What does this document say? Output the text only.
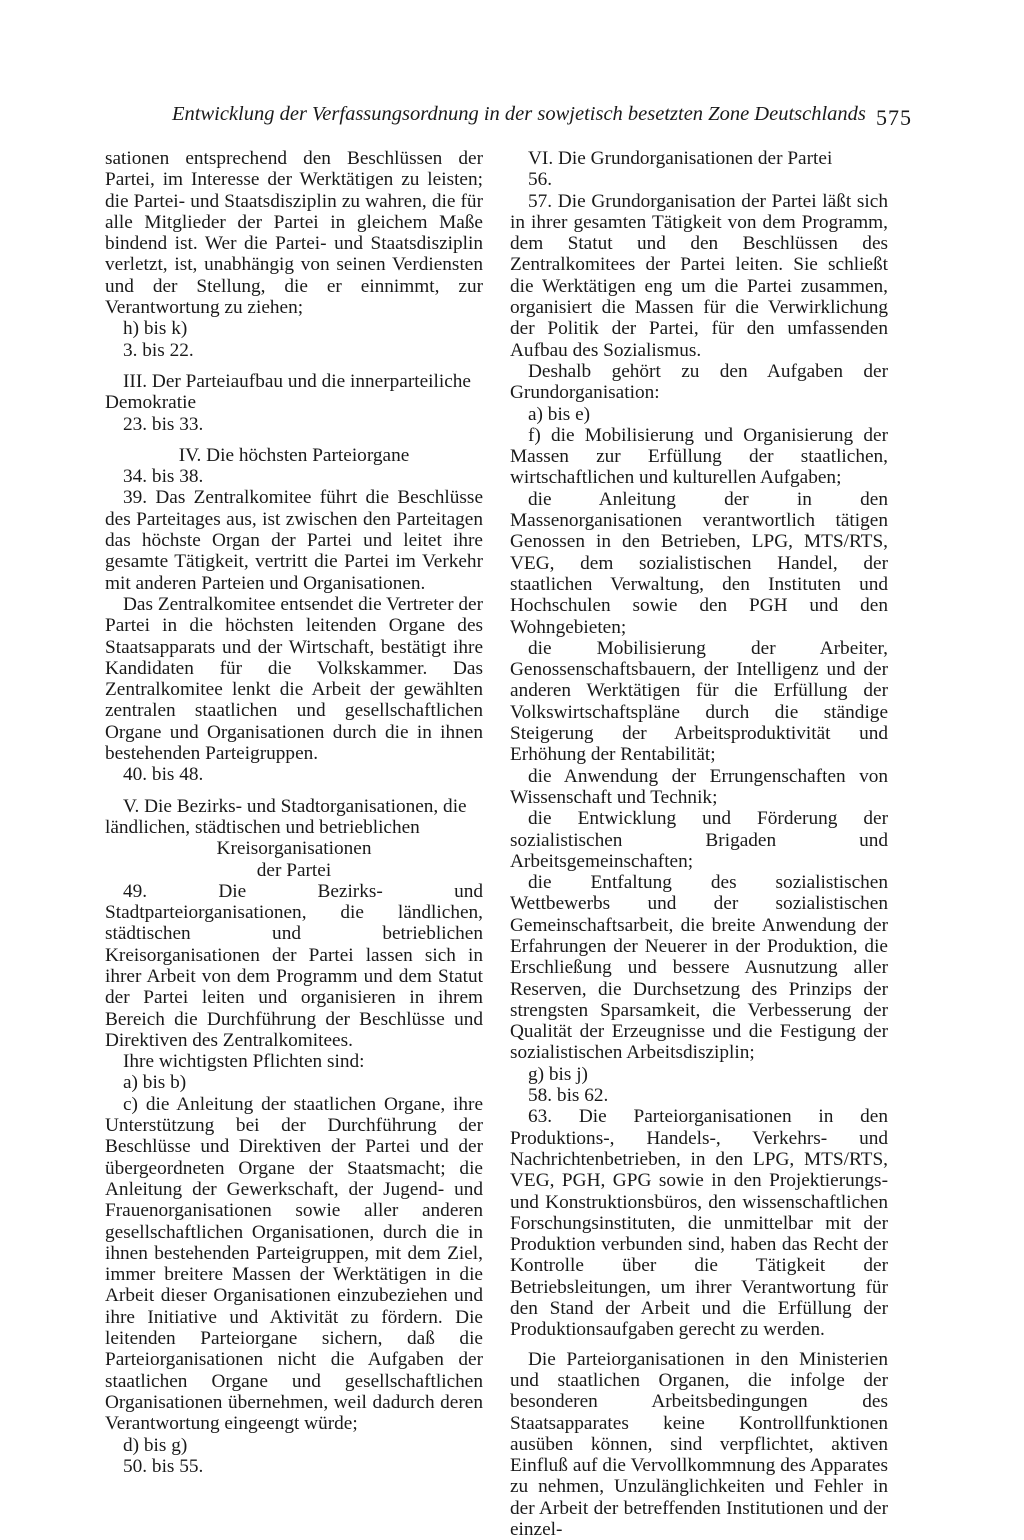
Entwicklung der Verfassungsordnung in der sowjetisch besetzten Zone Deutschlands 575

sationen entsprechend den Beschlüssen der Partei, im Interesse der Werktätigen zu leisten; die Partei- und Staatsdisziplin zu wahren, die für alle Mitglieder der Partei in gleichem Maße bindend ist. Wer die Partei- und Staatsdisziplin verletzt, ist, unabhängig von seinen Verdiensten und der Stellung, die er einnimmt, zur Verantwortung zu ziehen;

h) bis k)

3. bis 22.

III. Der Parteiaufbau und die innerparteiliche Demokratie

23. bis 33.

IV. Die höchsten Parteiorgane

34. bis 38.

39. Das Zentralkomitee führt die Beschlüsse des Parteitages aus, ist zwischen den Parteitagen das höchste Organ der Partei und leitet ihre gesamte Tätigkeit, vertritt die Partei im Verkehr mit anderen Parteien und Organisationen.

Das Zentralkomitee entsendet die Vertreter der Partei in die höchsten leitenden Organe des Staatsapparats und der Wirtschaft, bestätigt ihre Kandidaten für die Volkskammer. Das Zentralkomitee lenkt die Arbeit der gewählten zentralen staatlichen und gesellschaftlichen Organe und Organisationen durch die in ihnen bestehenden Parteigruppen.

40. bis 48.

V. Die Bezirks- und Stadtorganisationen, die ländlichen, städtischen und betrieblichen

Kreisorganisationen

der Partei

49. Die Bezirks- und Stadtparteiorganisationen, die ländlichen, städtischen und betrieblichen Kreisorganisationen der Partei lassen sich in ihrer Arbeit von dem Programm und dem Statut der Partei leiten und organisieren in ihrem Bereich die Durchführung der Beschlüsse und Direktiven des Zentralkomitees.

Ihre wichtigsten Pflichten sind:

a) bis b)

c) die Anleitung der staatlichen Organe, ihre Unterstützung bei der Durchführung der Beschlüsse und Direktiven der Partei und der übergeordneten Organe der Staatsmacht; die Anleitung der Gewerkschaft, der Jugend- und Frauenorganisationen sowie aller anderen gesellschaftlichen Organisationen, durch die in ihnen bestehenden Parteigruppen, mit dem Ziel, immer breitere Massen der Werktätigen in die Arbeit dieser Organisationen einzubeziehen und ihre Initiative und Aktivität zu fördern. Die leitenden Parteiorgane sichern, daß die Parteiorganisationen nicht die Aufgaben der staatlichen Organe und gesellschaftlichen Organisationen übernehmen, weil dadurch deren Verantwortung eingeengt würde;

d) bis g)

50. bis 55.

VI. Die Grundorganisationen der Partei

56.

57. Die Grundorganisation der Partei läßt sich in ihrer gesamten Tätigkeit von dem Programm, dem Statut und den Beschlüssen des Zentralkomitees der Partei leiten. Sie schließt die Werktätigen eng um die Partei zusammen, organisiert die Massen für die Verwirklichung der Politik der Partei, für den umfassenden Aufbau des Sozialismus.

Deshalb gehört zu den Aufgaben der Grundorganisation:

a) bis e)

f) die Mobilisierung und Organisierung der Massen zur Erfüllung der staatlichen, wirtschaftlichen und kulturellen Aufgaben;

die Anleitung der in den Massenorganisationen verantwortlich tätigen Genossen in den Betrieben, LPG, MTS/RTS, VEG, dem sozialistischen Handel, der staatlichen Verwaltung, den Instituten und Hochschulen sowie den PGH und den Wohngebieten;

die Mobilisierung der Arbeiter, Genossenschaftsbauern, der Intelligenz und der anderen Werktätigen für die Erfüllung der Volkswirtschaftspläne durch die ständige Steigerung der Arbeitsproduktivität und Erhöhung der Rentabilität;

die Anwendung der Errungenschaften von Wissenschaft und Technik;

die Entwicklung und Förderung der sozialistischen Brigaden und Arbeitsgemeinschaften;

die Entfaltung des sozialistischen Wettbewerbs und der sozialistischen Gemeinschaftsarbeit, die breite Anwendung der Erfahrungen der Neuerer in der Produktion, die Erschließung und bessere Ausnutzung aller Reserven, die Durchsetzung des Prinzips der strengsten Sparsamkeit, die Verbesserung der Qualität der Erzeugnisse und die Festigung der sozialistischen Arbeitsdisziplin;

g) bis j)

58. bis 62.

63. Die Parteiorganisationen in den Produktions-, Handels-, Verkehrs- und Nachrichtenbetrieben, in den LPG, MTS/RTS, VEG, PGH, GPG sowie in den Projektierungs- und Konstruktionsbüros, den wissenschaftlichen Forschungsinstituten, die unmittelbar mit der Produktion verbunden sind, haben das Recht der Kontrolle über die Tätigkeit der Betriebsleitungen, um ihrer Verantwortung für den Stand der Arbeit und die Erfüllung der Produktionsaufgaben gerecht zu werden.

Die Parteiorganisationen in den Ministerien und staatlichen Organen, die infolge der besonderen Arbeitsbedingungen des Staatsapparates keine Kontrollfunktionen ausüben können, sind verpflichtet, aktiven Einfluß auf die Vervollkommnung des Apparates zu nehmen, Unzulänglichkeiten und Fehler in der Arbeit der betreffenden Institutionen und der einzel-
